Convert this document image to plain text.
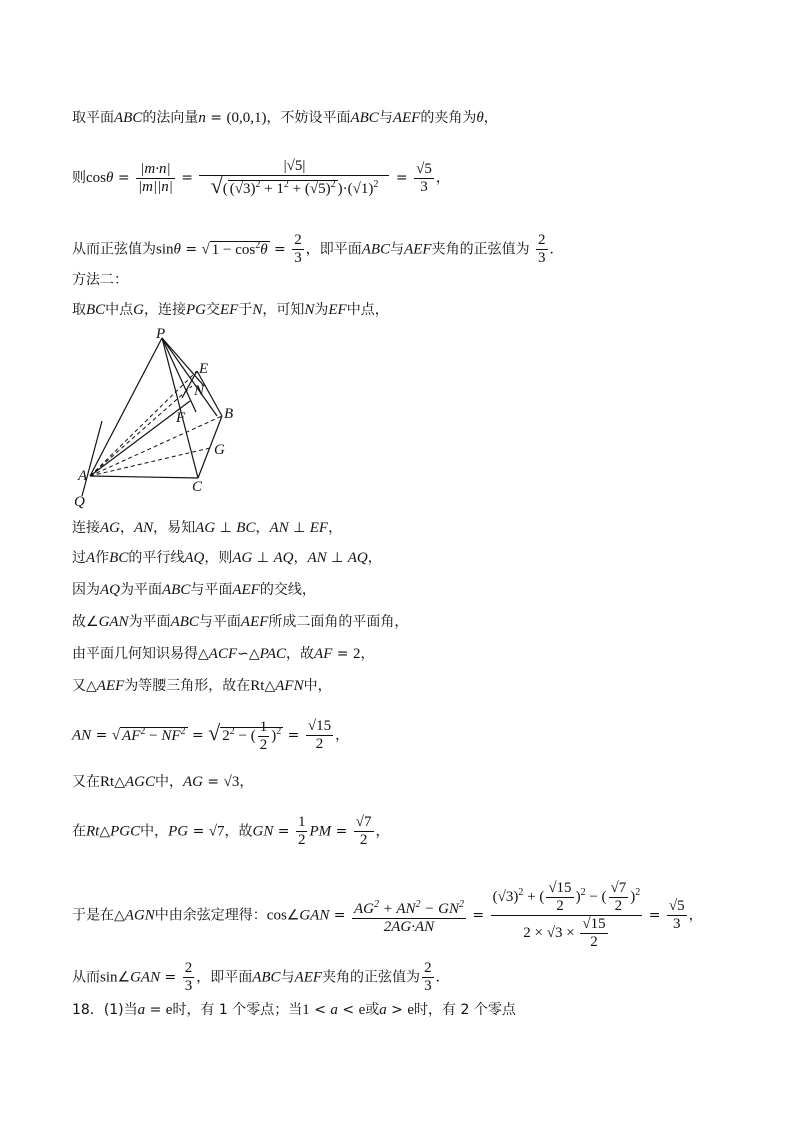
取平面ABC的法向量n = (0,0,1)，不妨设平面ABC与AEF的夹角为θ，
则$\cos\theta = \frac{|m\cdot n|}{|m||n|} = \frac{|√5|}{√( (√3)^2 + 1^2 + (√5)^2 )\cdot(√1)^2} = \frac{√5}{3}$ ，
从而正弦值为sinθ = √ $1 - \cos^2\theta = \frac{2}{3}$ ，即平面ABC与AEF夹角的正弦值为 $\frac{2}{3}$ ．
方法二：
取BC中点G，连接PG交EF于N，可知N为EF中点，
P
E
N
F	B
G
A
C
Q
连接AG，AN，易知AG ⊥ BC，AN ⊥ EF，
过A作BC的平行线AQ，则AG ⊥ AQ，AN ⊥ AQ，
因为AQ为平面ABC与平面AEF的交线，
故∠GAN为平面ABC与平面AEF所成二面角的平面角，
由平面几何知识易得△ACF∽△PAC，故AF = 2，
又△AEF为等腰三角形，故在Rt△AFN中，
AN = √ $AF^2 - NF^2$ = √ $2^2$ − ( $\frac{1}{2} )^2 = \frac{√15}{2}$ ，
又在Rt△AGC中，AG = √3，
在Rt△PGC中，PG = √7，故GN = $\frac{1}{2}$ PM = $\frac{√7}{2}$ ，
于是在△AGN中由余弦定理得：cos∠GAN = $\frac{AG^2 + AN^2 - GN^2}{2AG\cdot AN} = \frac{(√3)^2 + ( \frac{√15}{2} )^2 - ( \frac{√7}{2} )^2}{2 \times √3 \times \frac{√15}{2}} = \frac{√5}{3}$ ，
从而sin∠GAN = $\frac{2}{3}$ ，即平面ABC与AEF夹角的正弦值为 $\frac{2}{3}$ ．
18．(1)当a = e时，有 1 个零点；当1 < a < e或a > e时，有 2 个零点
